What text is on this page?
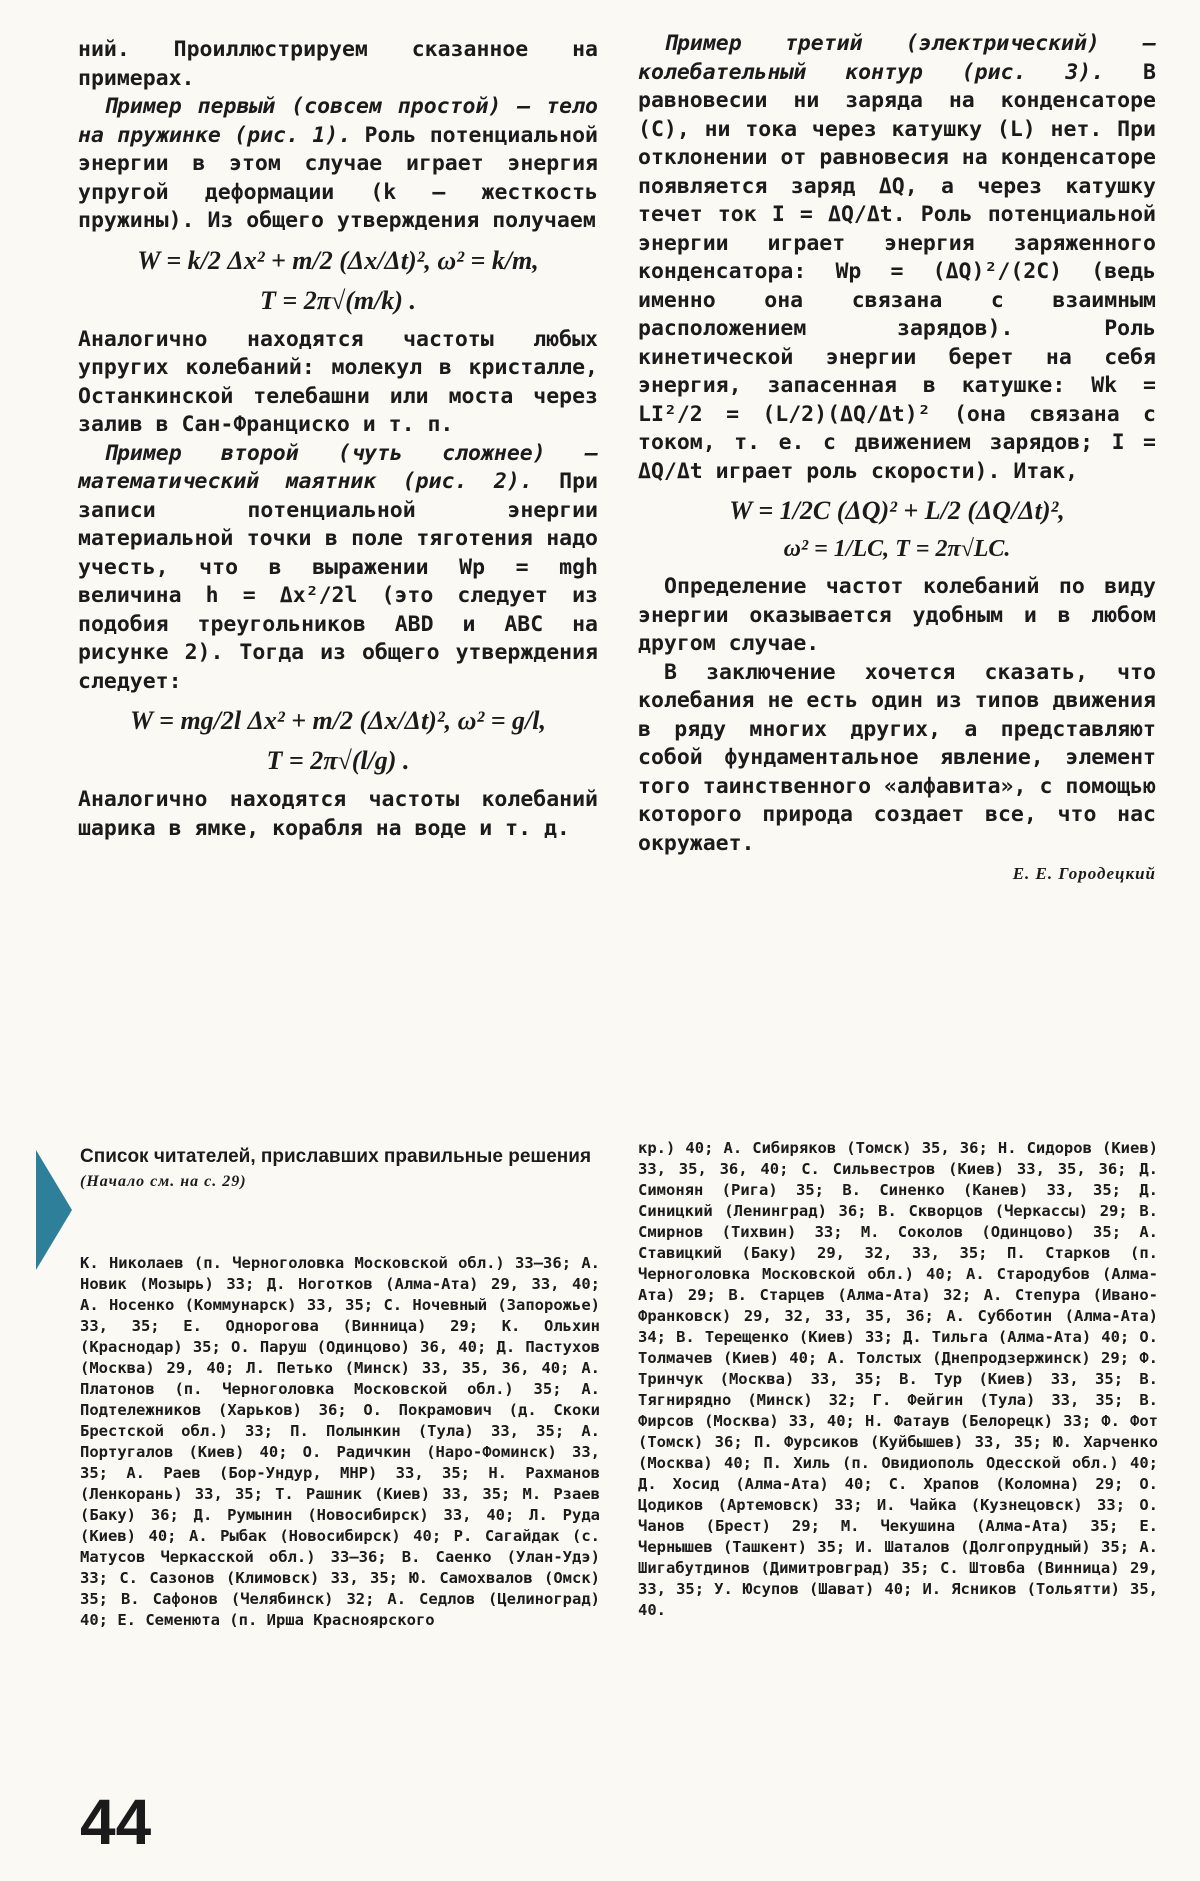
ний. Проиллюстрируем сказанное на примерах.

Пример первый (совсем простой) — тело на пружинке (рис. 1). Роль потенциальной энергии в этом случае играет энергия упругой деформации (k — жесткость пружины). Из общего утверждения получаем

W = k/2 Δx² + m/2 (Δx/Δt)², ω² = k/m,
T = 2π√(m/k) .

Аналогично находятся частоты любых упругих колебаний: молекул в кристалле, Останкинской телебашни или моста через залив в Сан-Франциско и т. п.

Пример второй (чуть сложнее) — математический маятник (рис. 2). При записи потенциальной энергии материальной точки в поле тяготения надо учесть, что в выражении Wp = mgh величина h = Δx²/2l (это следует из подобия треугольников ABD и ABC на рисунке 2). Тогда из общего утверждения следует:

W = mg/2l Δx² + m/2 (Δx/Δt)², ω² = g/l,
T = 2π√(l/g) .

Аналогично находятся частоты колебаний шарика в ямке, корабля на воде и т. д.

Пример третий (электрический) — колебательный контур (рис. 3). В равновесии ни заряда на конденсаторе (C), ни тока через катушку (L) нет. При отклонении от равновесия на конденсаторе появляется заряд ΔQ, а через катушку течет ток I = ΔQ/Δt. Роль потенциальной энергии играет энергия заряженного конденсатора: Wp = (ΔQ)²/(2C) (ведь именно она связана с взаимным расположением зарядов). Роль кинетической энергии берет на себя энергия, запасенная в катушке: Wk = LI²/2 = (L/2)(ΔQ/Δt)² (она связана с током, т. е. с движением зарядов; I = ΔQ/Δt играет роль скорости). Итак,

W = 1/2C (ΔQ)² + L/2 (ΔQ/Δt)²,
ω² = 1/LC, T = 2π√LC.

Определение частот колебаний по виду энергии оказывается удобным и в любом другом случае.

В заключение хочется сказать, что колебания не есть один из типов движения в ряду многих других, а представляют собой фундаментальное явление, элемент того таинственного «алфавита», с помощью которого природа создает все, что нас окружает.

Е. Е. Городецкий

Список читателей, приславших правильные решения

(Начало см. на с. 29)
К. Николаев (п. Черноголовка Московской обл.) 33—36; А. Новик (Мозырь) 33; Д. Ноготков (Алма-Ата) 29, 33, 40; А. Носенко (Коммунарск) 33, 35; С. Ночевный (Запорожье) 33, 35; Е. Однорогова (Винница) 29; К. Ольхин (Краснодар) 35; О. Паруш (Одинцово) 36, 40; Д. Пастухов (Москва) 29, 40; Л. Петько (Минск) 33, 35, 36, 40; А. Платонов (п. Черноголовка Московской обл.) 35; А. Подтележников (Харьков) 36; О. Покрамович (д. Скоки Брестской обл.) 33; П. Полынкин (Тула) 33, 35; А. Португалов (Киев) 40; О. Радичкин (Наро-Фоминск) 33, 35; А. Раев (Бор-Ундур, МНР) 33, 35; Н. Рахманов (Ленкорань) 33, 35; Т. Рашник (Киев) 33, 35; М. Рзаев (Баку) 36; Д. Румынин (Новосибирск) 33, 40; Л. Руда (Киев) 40; А. Рыбак (Новосибирск) 40; Р. Сагайдак (с. Матусов Черкасской обл.) 33—36; В. Саенко (Улан-Удэ) 33; С. Сазонов (Климовск) 33, 35; Ю. Самохвалов (Омск) 35; В. Сафонов (Челябинск) 32; А. Седлов (Целиноград) 40; Е. Семенюта (п. Ирша Красноярского
кр.) 40; А. Сибиряков (Томск) 35, 36; Н. Сидоров (Киев) 33, 35, 36, 40; С. Сильвестров (Киев) 33, 35, 36; Д. Симонян (Рига) 35; В. Синенко (Канев) 33, 35; Д. Синицкий (Ленинград) 36; В. Скворцов (Черкассы) 29; В. Смирнов (Тихвин) 33; М. Соколов (Одинцово) 35; А. Ставицкий (Баку) 29, 32, 33, 35; П. Старков (п. Черноголовка Московской обл.) 40; А. Стародубов (Алма-Ата) 29; В. Старцев (Алма-Ата) 32; А. Степура (Ивано-Франковск) 29, 32, 33, 35, 36; А. Субботин (Алма-Ата) 34; В. Терещенко (Киев) 33; Д. Тильга (Алма-Ата) 40; О. Толмачев (Киев) 40; А. Толстых (Днепродзержинск) 29; Ф. Тринчук (Москва) 33, 35; В. Тур (Киев) 33, 35; В. Тягнирядно (Минск) 32; Г. Фейгин (Тула) 33, 35; В. Фирсов (Москва) 33, 40; Н. Фатаув (Белорецк) 33; Ф. Фот (Томск) 36; П. Фурсиков (Куйбышев) 33, 35; Ю. Харченко (Москва) 40; П. Хиль (п. Овидиополь Одесской обл.) 40; Д. Хосид (Алма-Ата) 40; С. Храпов (Коломна) 29; О. Цодиков (Артемовск) 33; И. Чайка (Кузнецовск) 33; О. Чанов (Брест) 29; М. Чекушина (Алма-Ата) 35; Е. Чернышев (Ташкент) 35; И. Шаталов (Долгопрудный) 35; А. Шигабутдинов (Димитровград) 35; С. Штовба (Винница) 29, 33, 35; У. Юсупов (Шават) 40; И. Ясников (Тольятти) 35, 40.
44
